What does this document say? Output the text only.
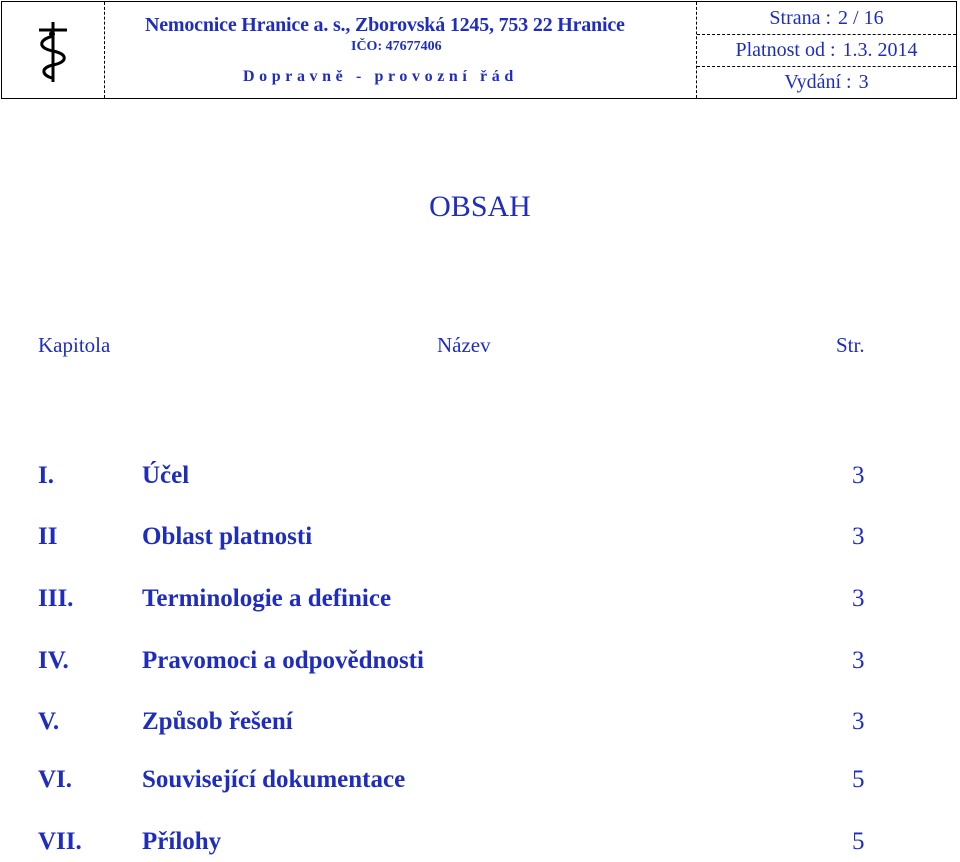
Nemocnice Hranice a. s., Zborovská 1245, 753 22 Hranice
IČO: 47677406
Dopravně - provozní řád
Strana : 2 / 16
Platnost od : 1.3. 2014
Vydání : 3
OBSAH
Kapitola	Název	Str.
I.	Účel	3
II	Oblast platnosti	3
III.	Terminologie a definice	3
IV.	Pravomoci a odpovědnosti	3
V.	Způsob řešení	3
VI.	Související dokumentace	5
VII. Přílohy	5
